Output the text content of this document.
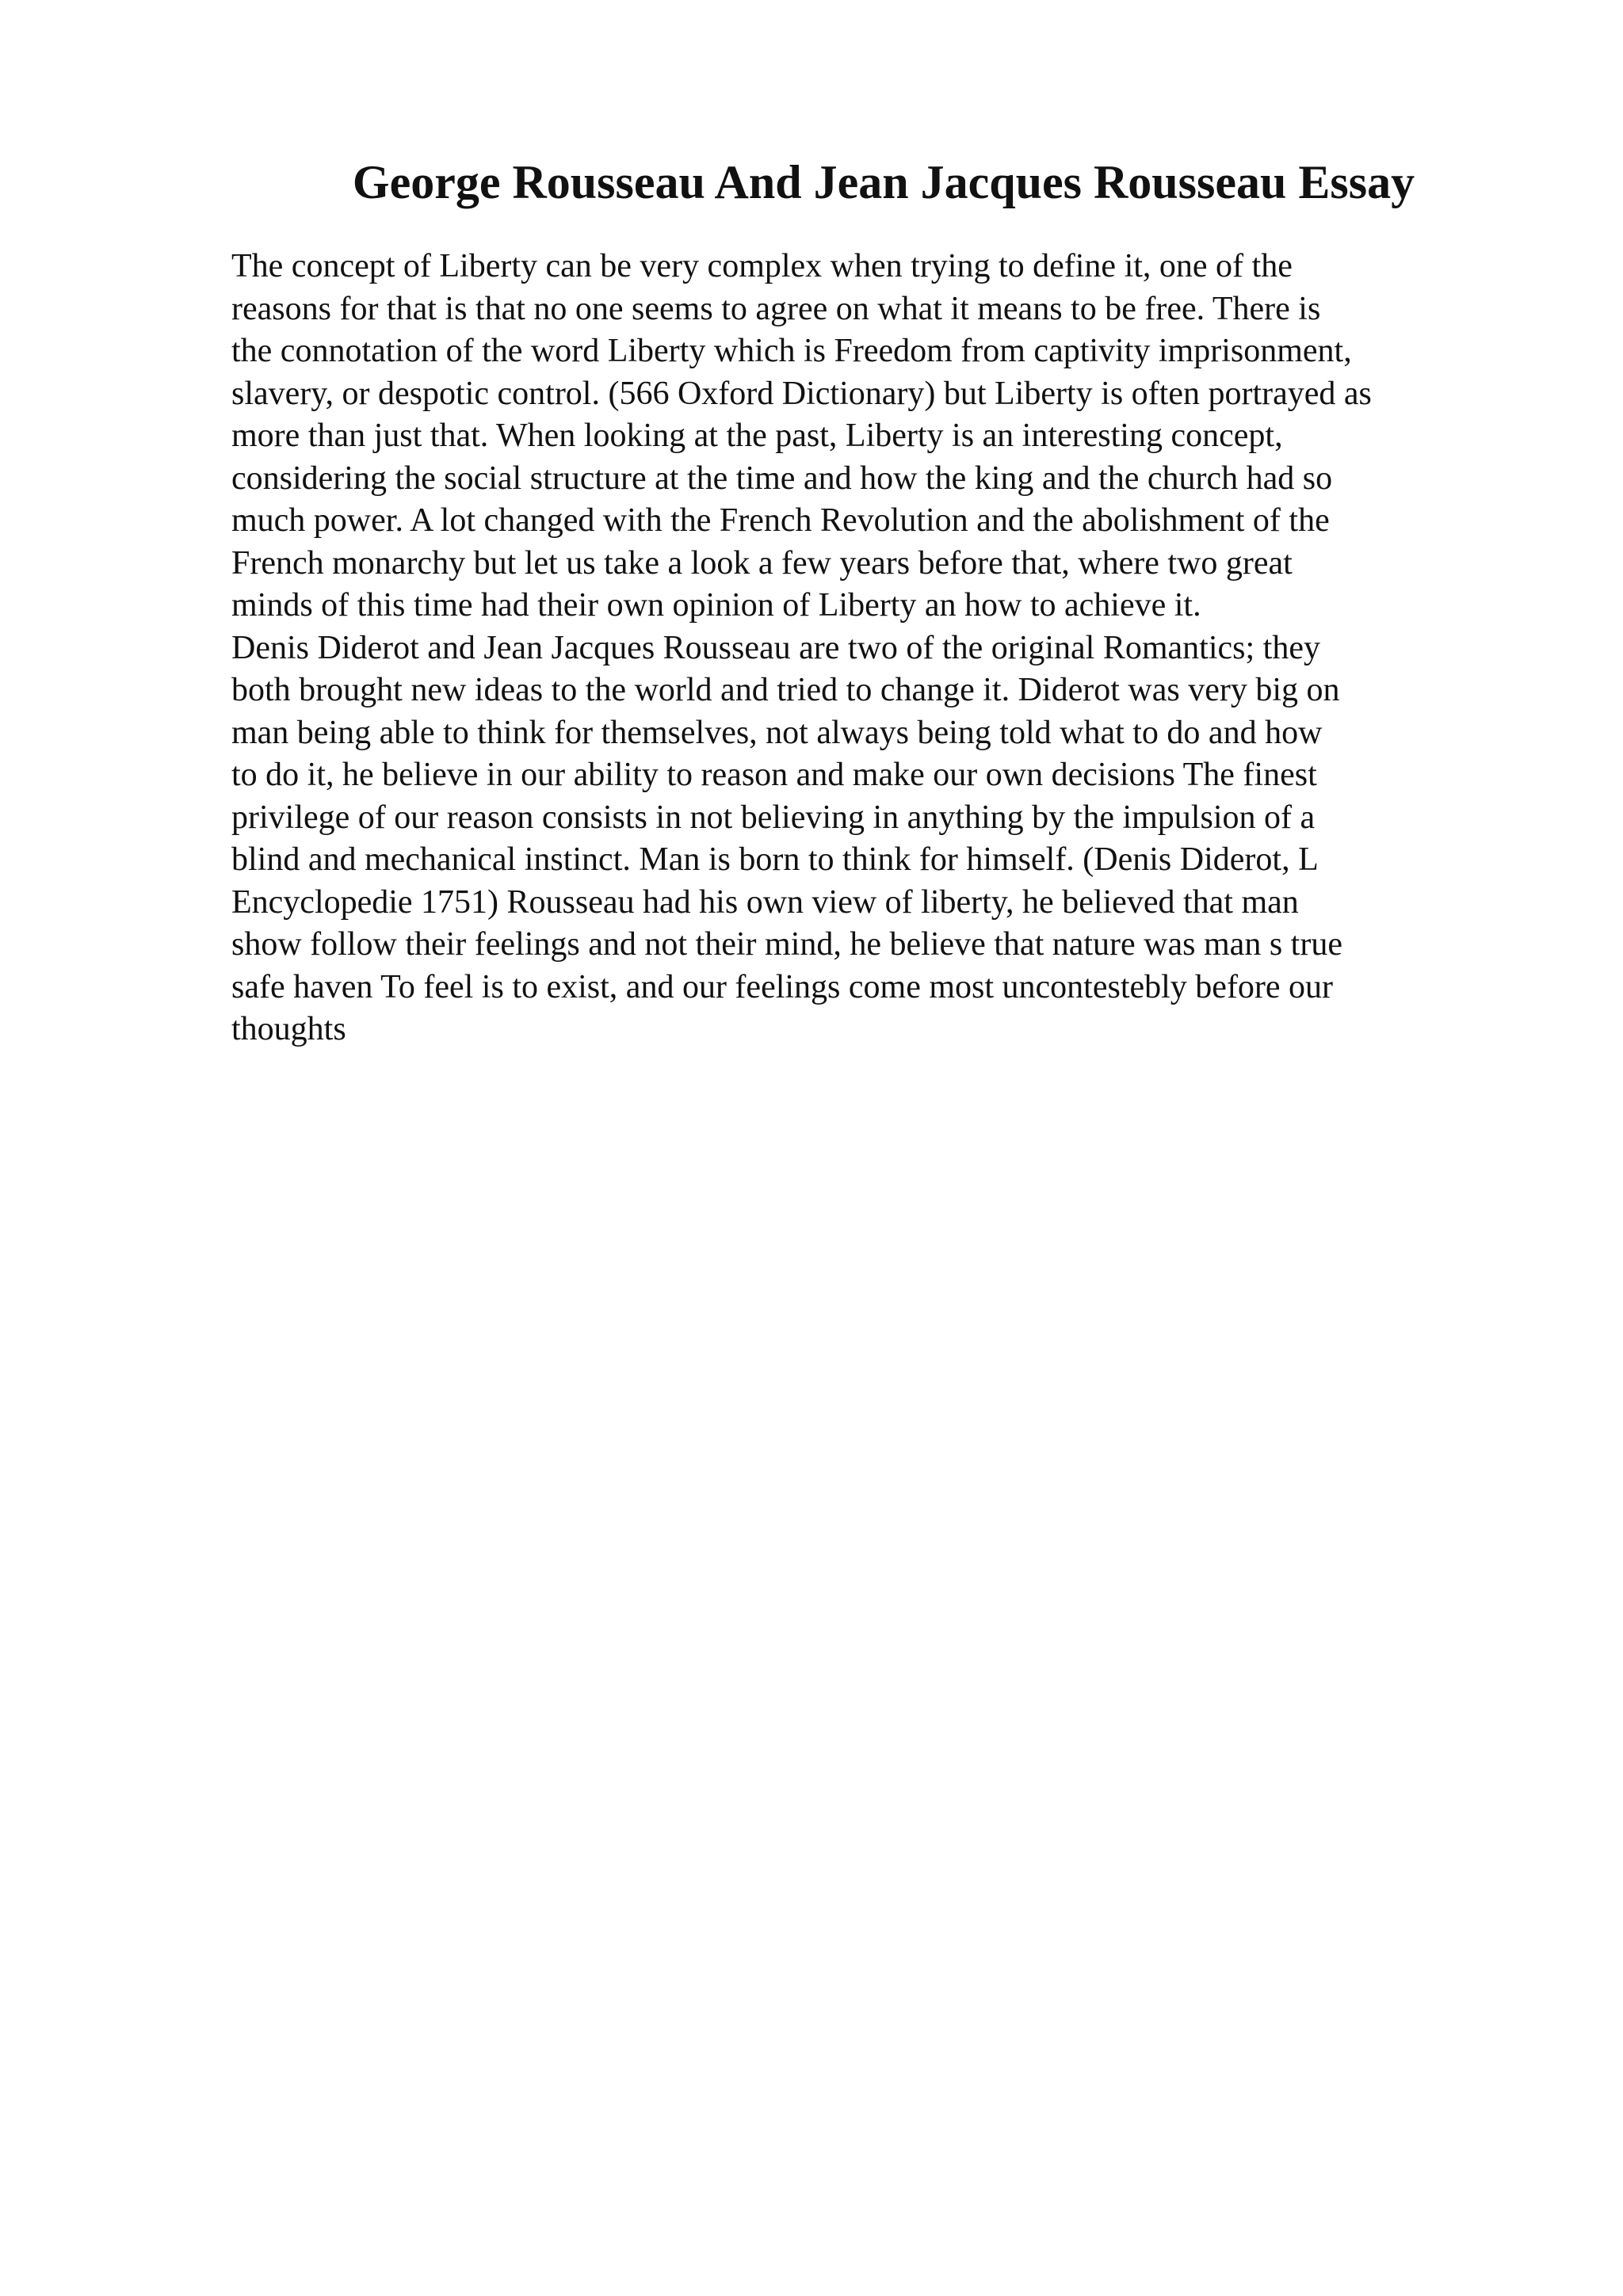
George Rousseau And Jean Jacques Rousseau Essay
The concept of Liberty can be very complex when trying to define it, one of the
reasons for that is that no one seems to agree on what it means to be free. There is
the connotation of the word Liberty which is Freedom from captivity imprisonment,
slavery, or despotic control. (566 Oxford Dictionary) but Liberty is often portrayed as
more than just that. When looking at the past, Liberty is an interesting concept,
considering the social structure at the time and how the king and the church had so
much power. A lot changed with the French Revolution and the abolishment of the
French monarchy but let us take a look a few years before that, where two great
minds of this time had their own opinion of Liberty an how to achieve it.
Denis Diderot and Jean Jacques Rousseau are two of the original Romantics; they
both brought new ideas to the world and tried to change it. Diderot was very big on
man being able to think for themselves, not always being told what to do and how
to do it, he believe in our ability to reason and make our own decisions The finest
privilege of our reason consists in not believing in anything by the impulsion of a
blind and mechanical instinct. Man is born to think for himself. (Denis Diderot, L
Encyclopedie 1751) Rousseau had his own view of liberty, he believed that man
show follow their feelings and not their mind, he believe that nature was man s true
safe haven To feel is to exist, and our feelings come most uncontestebly before our
thoughts
